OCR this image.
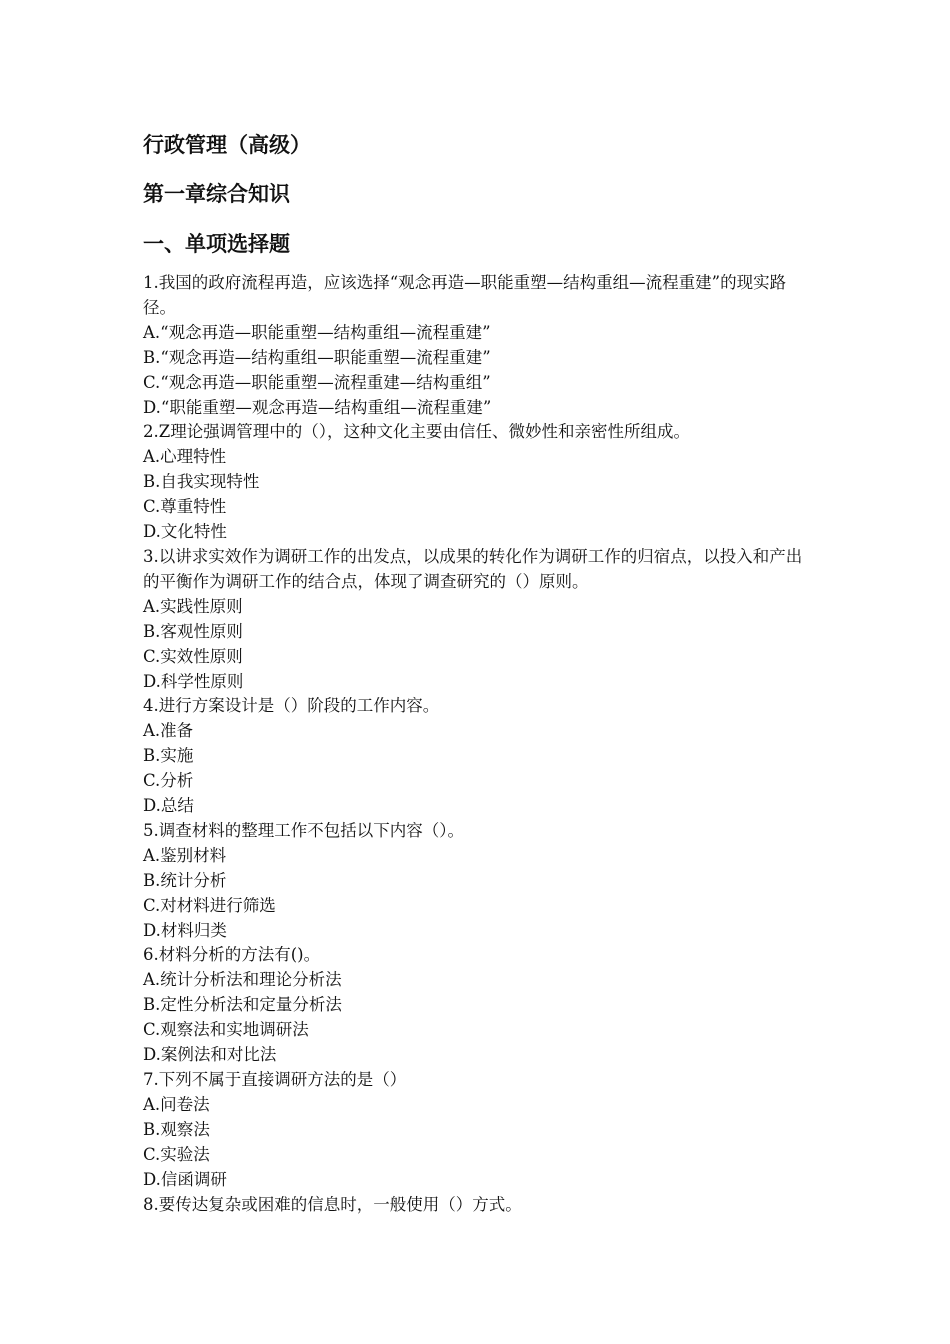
行政管理（高级）
第一章综合知识
一、单项选择题

1.我国的政府流程再造，应该选择“观念再造—职能重塑—结构重组—流程重建”的现实路径。

A.“观念再造—职能重塑—结构重组—流程重建”

B.“观念再造—结构重组—职能重塑—流程重建”

C.“观念再造—职能重塑—流程重建—结构重组”

D.“职能重塑—观念再造—结构重组—流程重建”

2.Z理论强调管理中的（），这种文化主要由信任、微妙性和亲密性所组成。

A.心理特性

B.自我实现特性

C.尊重特性

D.文化特性

3.以讲求实效作为调研工作的出发点，以成果的转化作为调研工作的归宿点，以投入和产出的平衡作为调研工作的结合点，体现了调查研究的（）原则。

A.实践性原则

B.客观性原则

C.实效性原则

D.科学性原则

4.进行方案设计是（）阶段的工作内容。

A.准备

B.实施

C.分析

D.总结

5.调查材料的整理工作不包括以下内容（）。

A.鉴别材料

B.统计分析

C.对材料进行筛选

D.材料归类

6.材料分析的方法有()。

A.统计分析法和理论分析法

B.定性分析法和定量分析法

C.观察法和实地调研法

D.案例法和对比法

7.下列不属于直接调研方法的是（）

A.问卷法

B.观察法

C.实验法

D.信函调研

8.要传达复杂或困难的信息时，一般使用（）方式。
